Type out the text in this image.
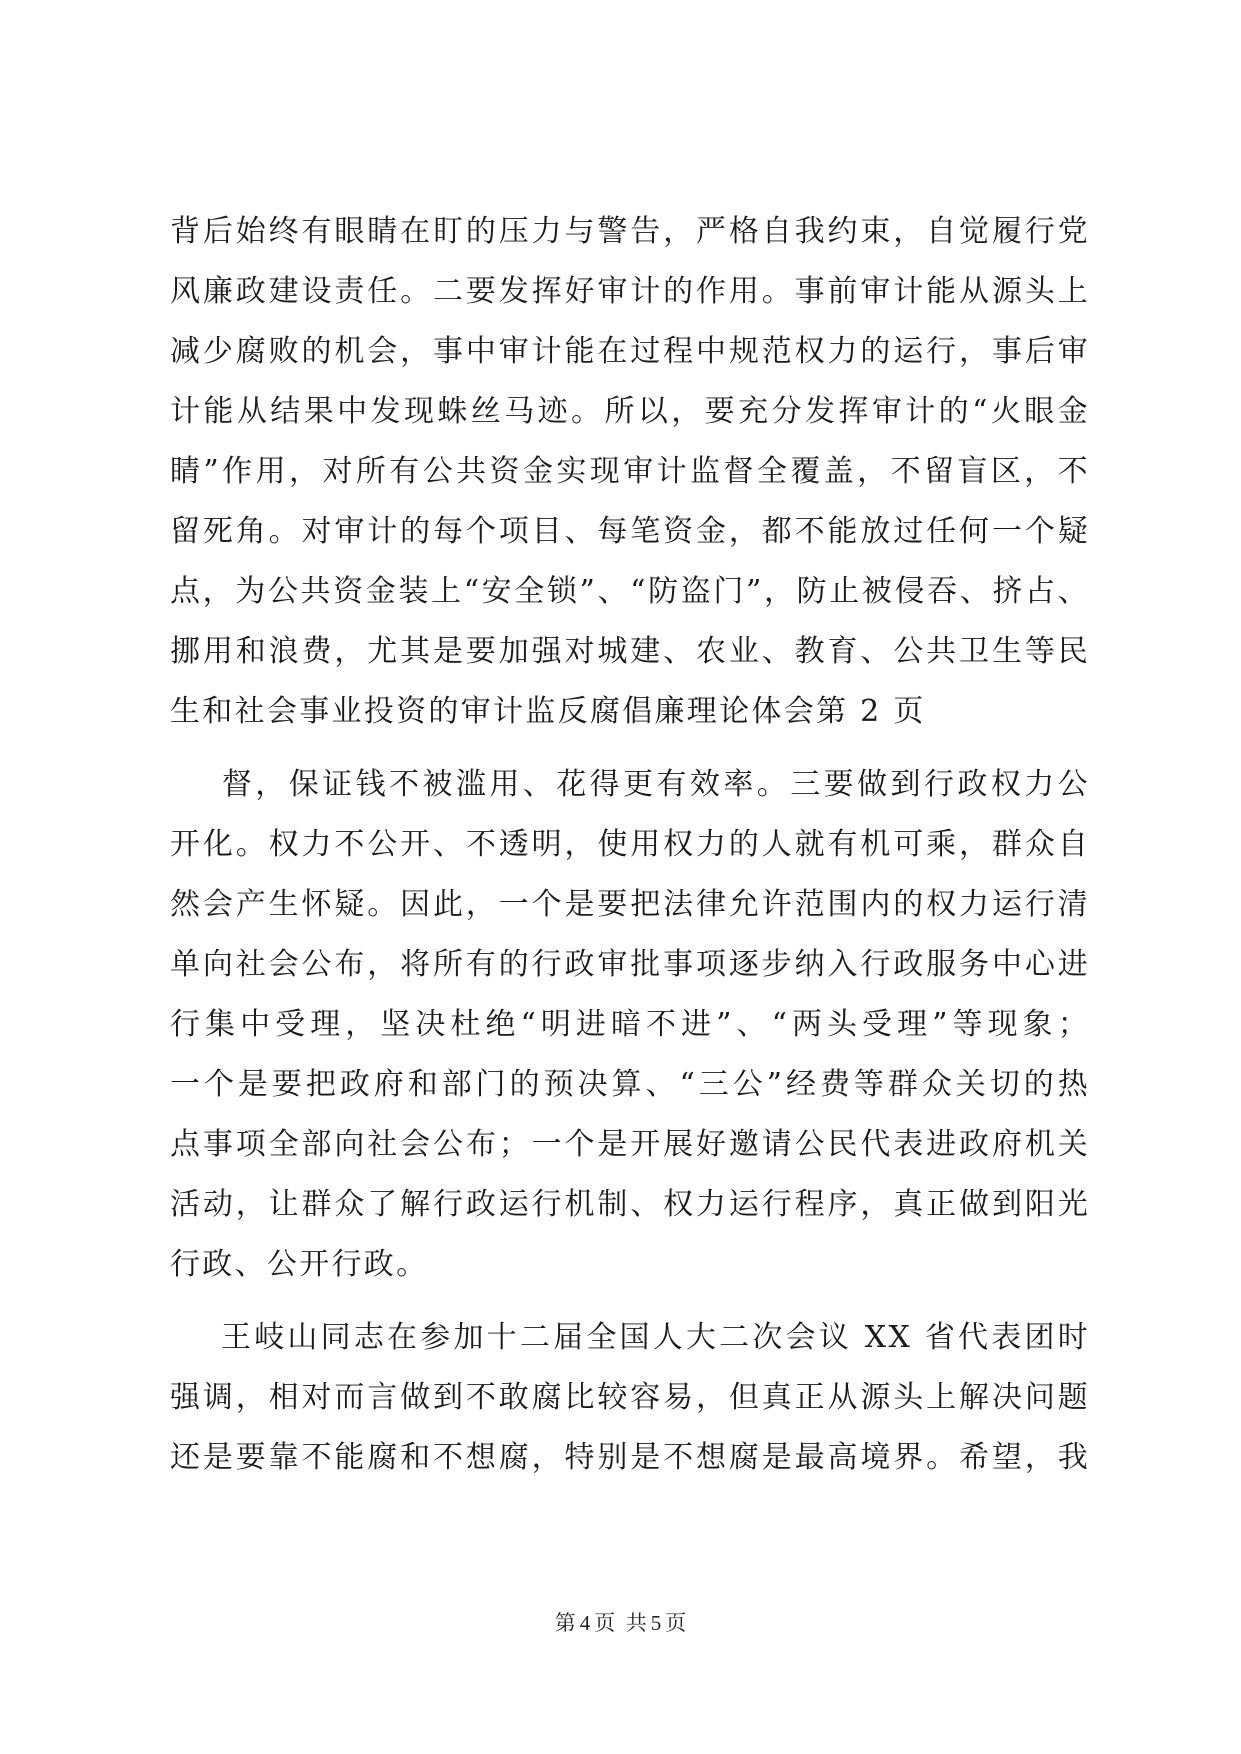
背后始终有眼睛在盯的压力与警告，严格自我约束，自觉履行党
风廉政建设责任。二要发挥好审计的作用。事前审计能从源头上
减少腐败的机会，事中审计能在过程中规范权力的运行，事后审
计能从结果中发现蛛丝马迹。所以，要充分发挥审计的“火眼金
睛”作用，对所有公共资金实现审计监督全覆盖，不留盲区，不
留死角。对审计的每个项目、每笔资金，都不能放过任何一个疑
点，为公共资金装上“安全锁”、“防盗门”，防止被侵吞、挤占、
挪用和浪费，尤其是要加强对城建、农业、教育、公共卫生等民
生和社会事业投资的审计监反腐倡廉理论体会第 2 页
督，保证钱不被滥用、花得更有效率。三要做到行政权力公
开化。权力不公开、不透明，使用权力的人就有机可乘，群众自
然会产生怀疑。因此，一个是要把法律允许范围内的权力运行清
单向社会公布，将所有的行政审批事项逐步纳入行政服务中心进
行集中受理，坚决杜绝“明进暗不进”、“两头受理”等现象；
一个是要把政府和部门的预决算、“三公”经费等群众关切的热
点事项全部向社会公布；一个是开展好邀请公民代表进政府机关
活动，让群众了解行政运行机制、权力运行程序，真正做到阳光
行政、公开行政。
王岐山同志在参加十二届全国人大二次会议 XX 省代表团时
强调，相对而言做到不敢腐比较容易，但真正从源头上解决问题
还是要靠不能腐和不想腐，特别是不想腐是最高境界。希望，我
第 4 页  共 5 页
